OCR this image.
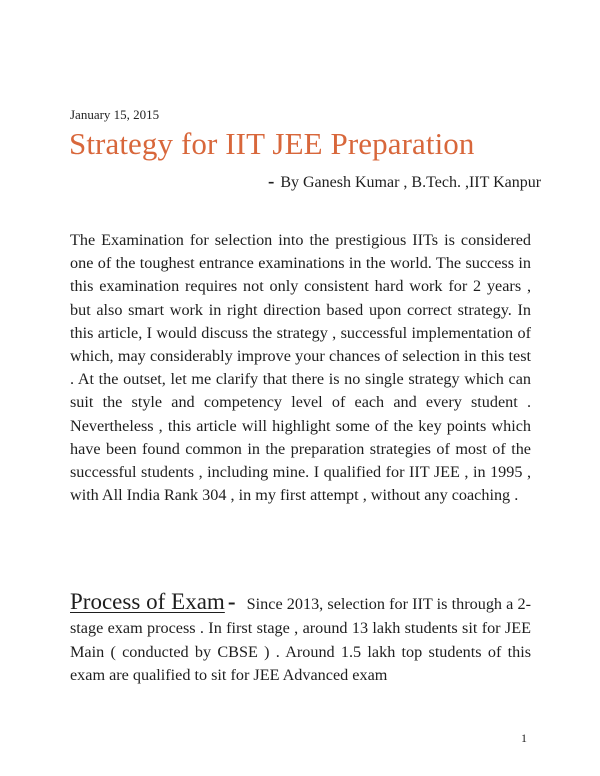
January 15, 2015
Strategy for IIT JEE Preparation
- By Ganesh Kumar , B.Tech. ,IIT Kanpur

The Examination for selection into the prestigious IITs is considered one of the toughest entrance examinations in the world. The success in this examination requires not only consistent hard work for 2 years , but also smart work in right direction based upon correct strategy. In this article, I would discuss the strategy , successful implementation of which, may considerably improve your chances of selection in this test . At the outset, let me clarify that there is no single strategy which can suit the style and competency level of each and every student . Nevertheless , this article will highlight some of the key points which have been found common in the preparation strategies of most of the successful students , including mine. I qualified for IIT JEE , in 1995 , with All India Rank 304 , in my first attempt , without any coaching .

Process of Exam - Since 2013, selection for IIT is through a 2- stage exam process . In first stage , around 13 lakh students sit for JEE Main ( conducted by CBSE ) . Around 1.5 lakh top students of this exam are qualified to sit for JEE Advanced exam

1
